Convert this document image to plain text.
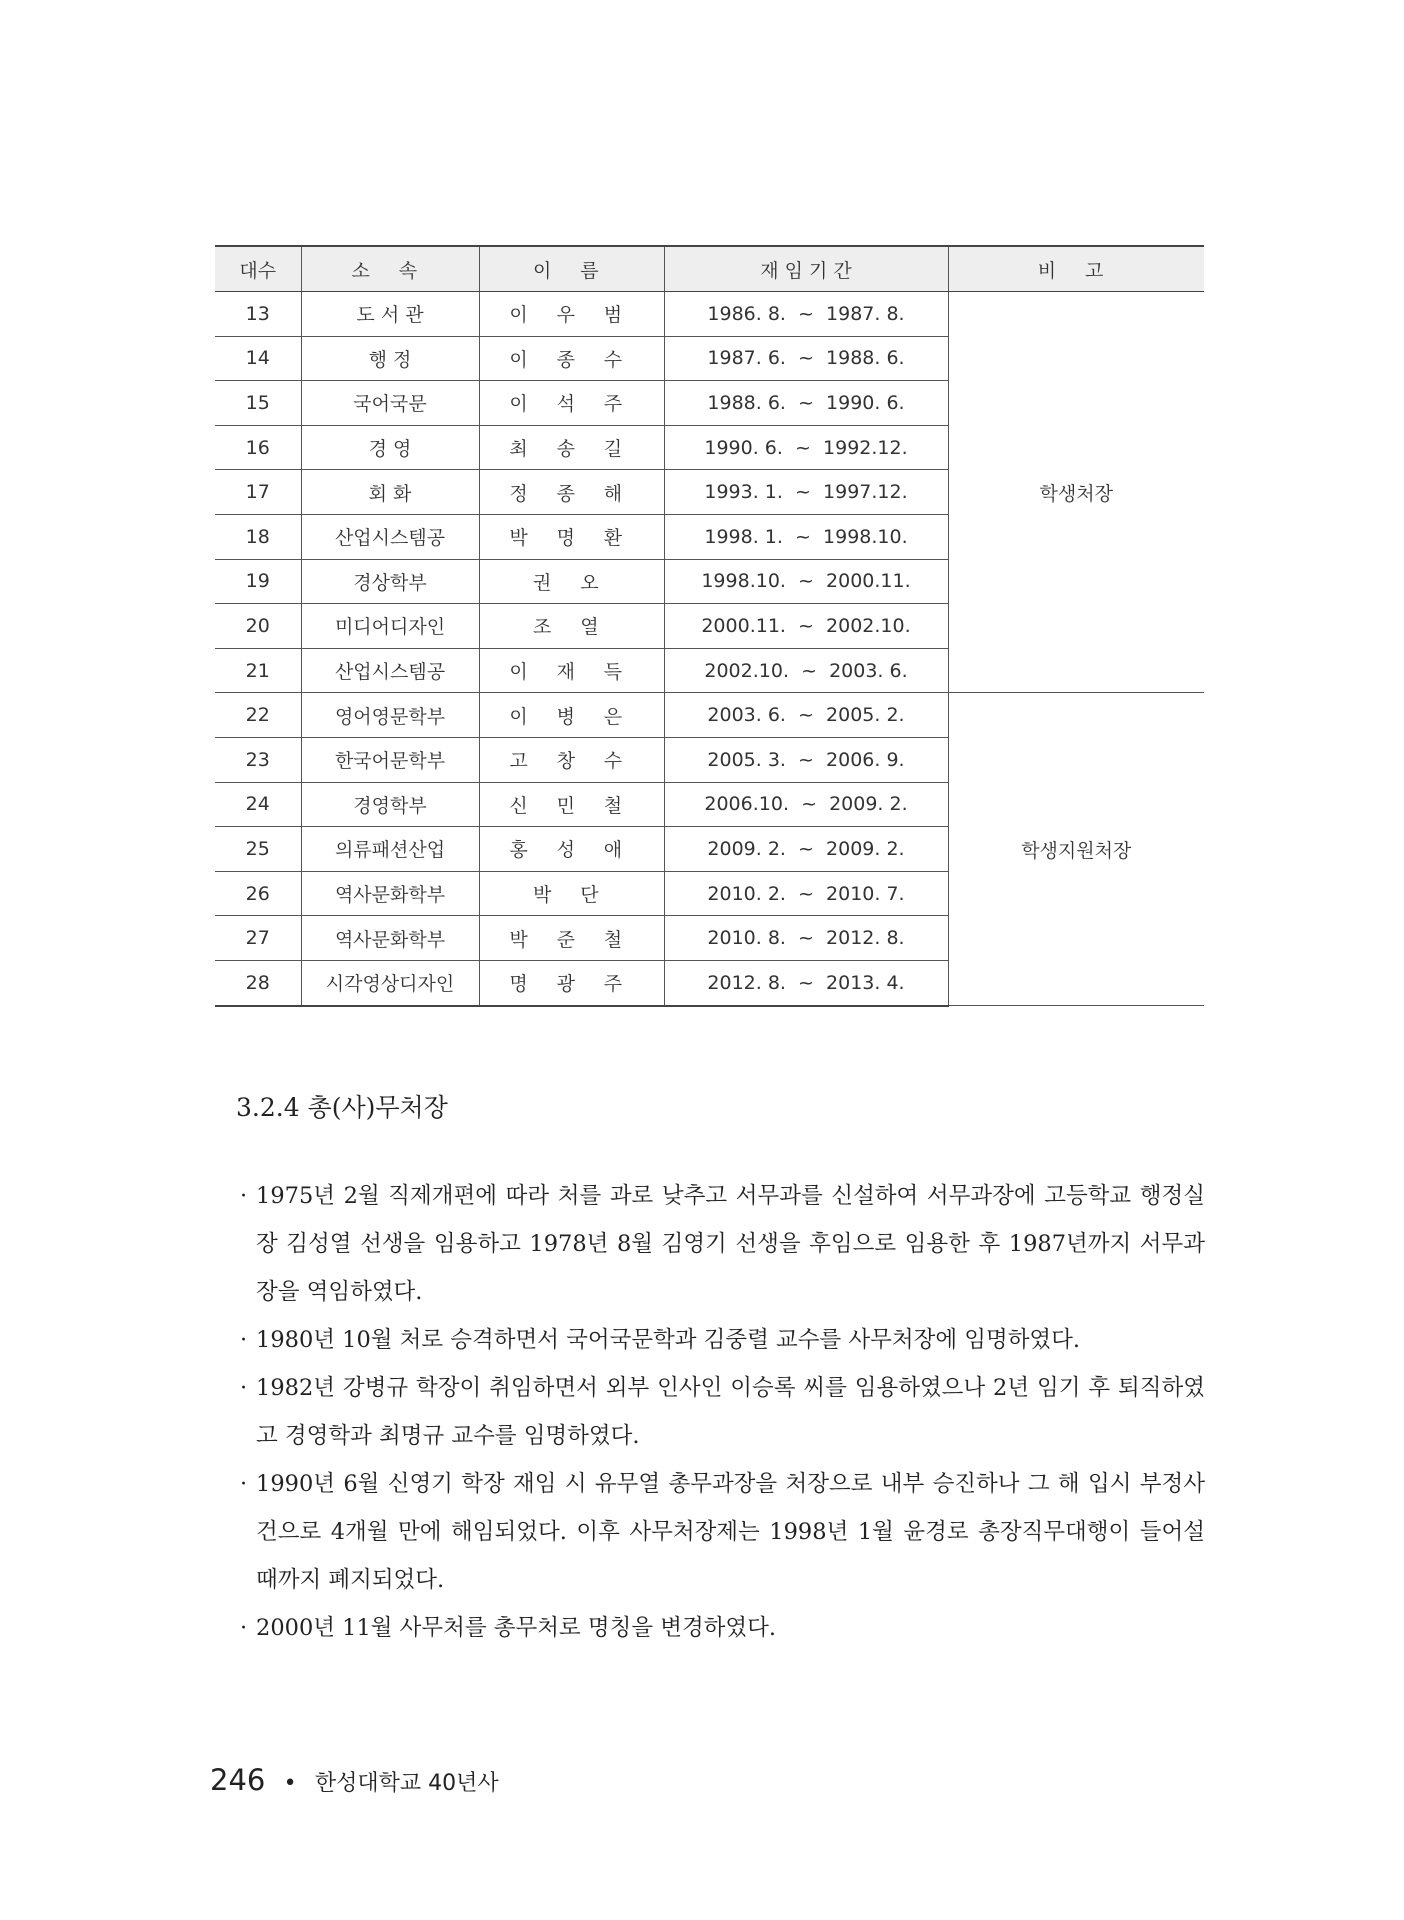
대수	소 속	이 름	재 임 기 간	비 고
13	도 서 관	이 우 범	1986. 8.  ~  1987. 8.	학생처장
14	행 정	이 종 수	1987. 6.  ~  1988. 6.	
15	국어국문	이 석 주	1988. 6.  ~  1990. 6.	
16	경 영	최 송 길	1990. 6.  ~  1992.12.	
17	회 화	정 종 해	1993. 1.  ~  1997.12.	
18	산업시스템공	박 명 환	1998. 1.  ~  1998.10.	
19	경상학부	권 오	1998.10.  ~  2000.11.	
20	미디어디자인	조 열	2000.11.  ~  2002.10.	
21	산업시스템공	이 재 득	2002.10.  ~  2003. 6.	
22	영어영문학부	이 병 은	2003. 6.  ~  2005. 2.	학생지원처장
23	한국어문학부	고 창 수	2005. 3.  ~  2006. 9.	
24	경영학부	신 민 철	2006.10.  ~  2009. 2.	
25	의류패션산업	홍 성 애	2009. 2.  ~  2009. 2.	
26	역사문화학부	박 단	2010. 2.  ~  2010. 7.	
27	역사문화학부	박 준 철	2010. 8.  ~  2012. 8.	
28	시각영상디자인	명 광 주	2012. 8.  ~  2013. 4.	
3.2.4 총(사)무처장
· 1975년 2월 직제개편에 따라 처를 과로 낮추고 서무과를 신설하여 서무과장에 고등학교 행정실장 김성열 선생을 임용하고 1978년 8월 김영기 선생을 후임으로 임용한 후 1987년까지 서무과장을 역임하였다.
· 1980년 10월 처로 승격하면서 국어국문학과 김중렬 교수를 사무처장에 임명하였다.
· 1982년 강병규 학장이 취임하면서 외부 인사인 이승록 씨를 임용하였으나 2년 임기 후 퇴직하였고 경영학과 최명규 교수를 임명하였다.
· 1990년 6월 신영기 학장 재임 시 유무열 총무과장을 처장으로 내부 승진하나 그 해 입시 부정사건으로 4개월 만에 해임되었다. 이후 사무처장제는 1998년 1월 윤경로 총장직무대행이 들어설 때까지 폐지되었다.
· 2000년 11월 사무처를 총무처로 명칭을 변경하였다.
246 • 한성대학교 40년사
